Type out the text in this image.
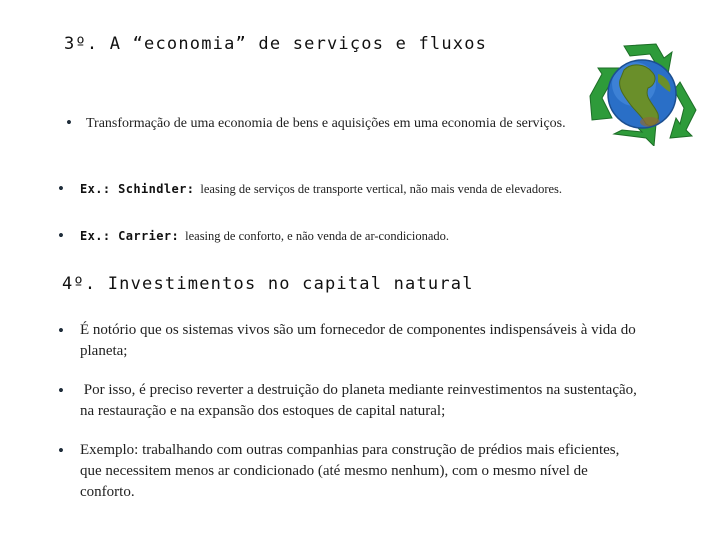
3º. A “economia” de serviços e fluxos
• Transformação de uma economia de bens e aquisições em uma economia de serviços.
• Ex.: Schindler: leasing de serviços de transporte vertical, não mais venda de elevadores.
• Ex.: Carrier: leasing de conforto, e não venda de ar-condicionado.
4º. Investimentos no capital natural
• É notório que os sistemas vivos são um fornecedor de componentes indispensáveis à vida do planeta;
• Por isso, é preciso reverter a destruição do planeta mediante reinvestimentos na sustentação, na restauração e na expansão dos estoques de capital natural;
• Exemplo: trabalhando com outras companhias para construção de prédios mais eficientes, que necessitem menos ar condicionado (até mesmo nenhum), com o mesmo nível de conforto.
